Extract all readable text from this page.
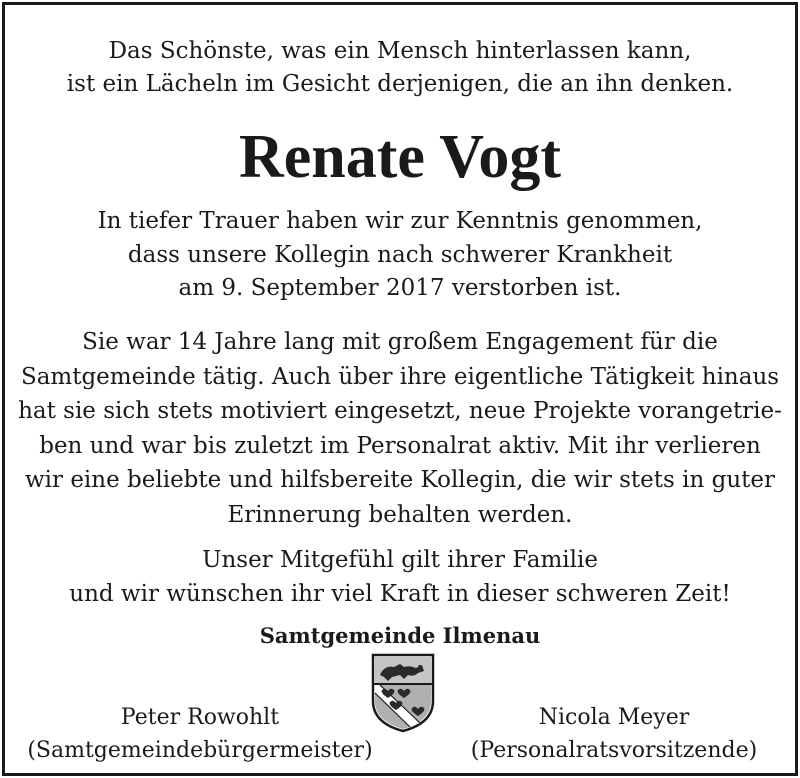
Das Schönste, was ein Mensch hinterlassen kann,
ist ein Lächeln im Gesicht derjenigen, die an ihn denken.
Renate Vogt
In tiefer Trauer haben wir zur Kenntnis genommen,
dass unsere Kollegin nach schwerer Krankheit
am 9. September 2017 verstorben ist.
Sie war 14 Jahre lang mit großem Engagement für die
Samtgemeinde tätig. Auch über ihre eigentliche Tätigkeit hinaus
hat sie sich stets motiviert eingesetzt, neue Projekte vorangetrie-
ben und war bis zuletzt im Personalrat aktiv. Mit ihr verlieren
wir eine beliebte und hilfsbereite Kollegin, die wir stets in guter
Erinnerung behalten werden.
Unser Mitgefühl gilt ihrer Familie
und wir wünschen ihr viel Kraft in dieser schweren Zeit!
Samtgemeinde Ilmenau
Peter Rowohlt
(Samtgemeindebürgermeister)
Nicola Meyer
(Personalratsvorsitzende)
